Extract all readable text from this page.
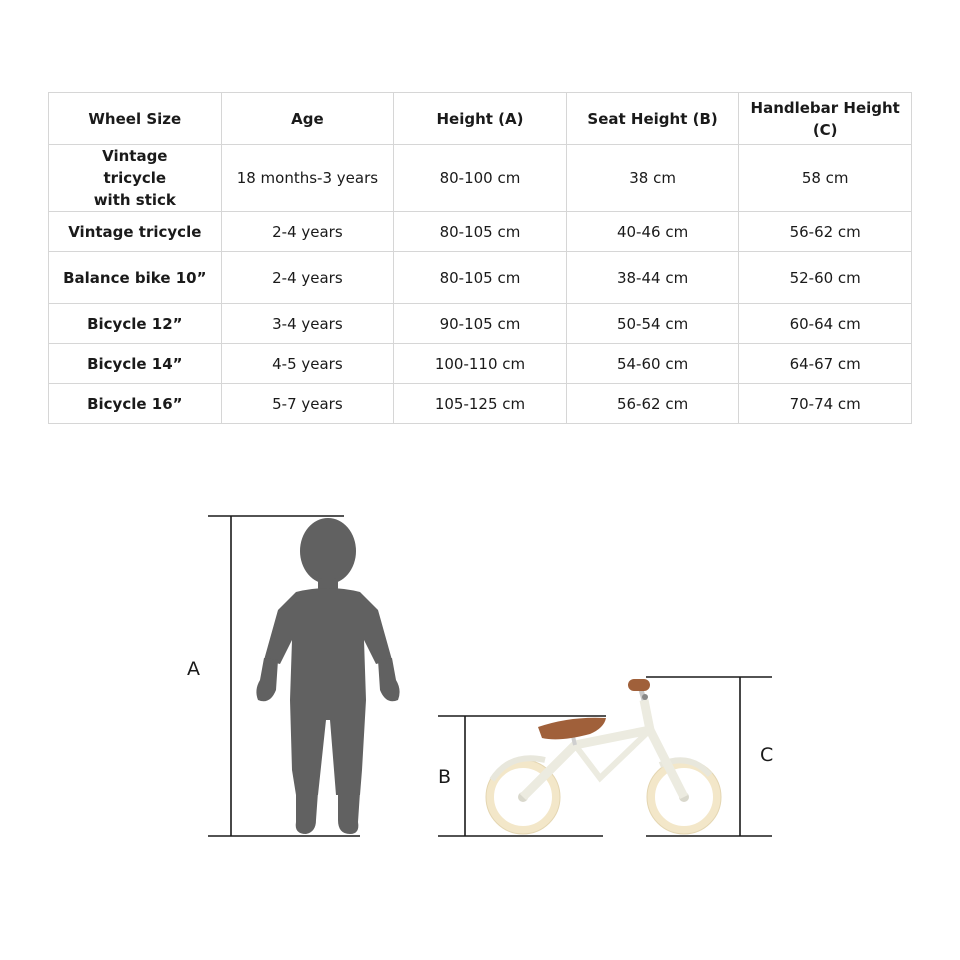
Wheel Size	Age	Height (A)	Seat Height (B)	Handlebar Height (C)
Vintage tricycle with stick	18 months-3 years	80-100 cm	38 cm	58 cm
Vintage tricycle	2-4 years	80-105 cm	40-46 cm	56-62 cm
Balance bike 10”	2-4 years	80-105 cm	38-44 cm	52-60 cm
Bicycle 12”	3-4 years	90-105 cm	50-54 cm	60-64 cm
Bicycle 14”	4-5 years	100-110 cm	54-60 cm	64-67 cm
Bicycle 16”	5-7 years	105-125 cm	56-62 cm	70-74 cm
A
B
C
